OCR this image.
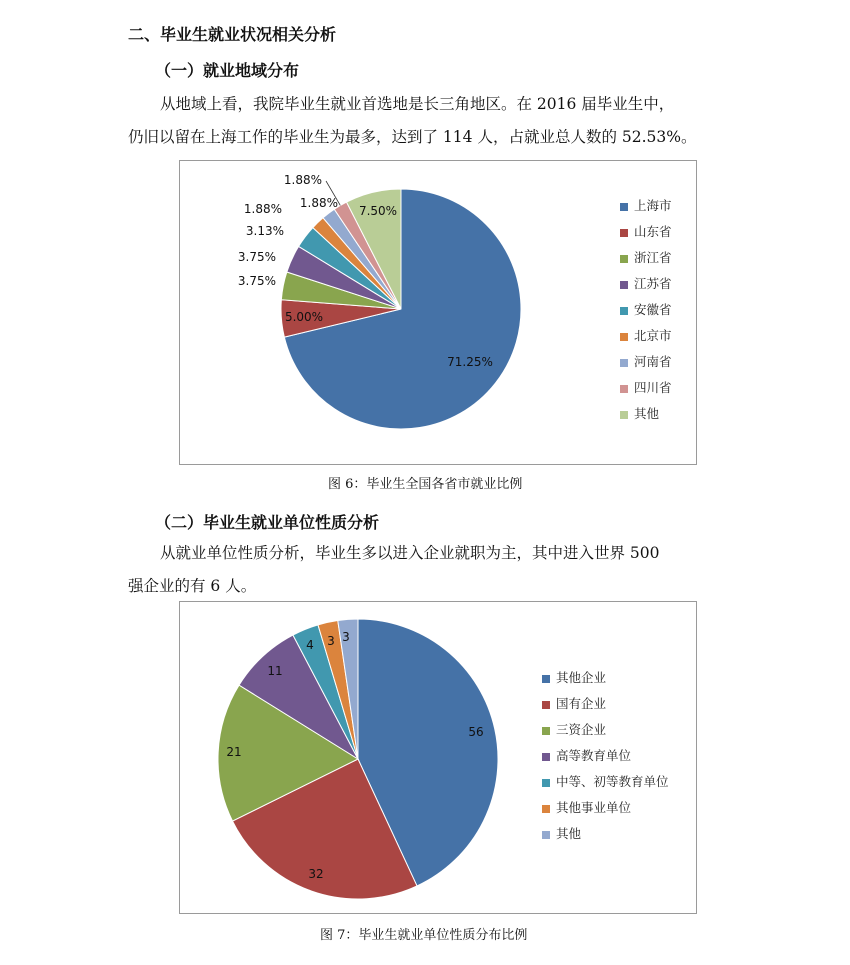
二、毕业生就业状况相关分析
（一）就业地域分布
从地域上看，我院毕业生就业首选地是长三角地区。在 2016 届毕业生中，
仍旧以留在上海工作的毕业生为最多，达到了 114 人，占就业总人数的 52.53%。
71.25%
5.00%
3.75%
3.75%
3.13%
1.88% 1.88%
1.88%
7.50%	上海市
山东省
浙江省
江苏省
安徽省
北京市
河南省
四川省
其他
图 6：毕业生全国各省市就业比例
（二）毕业生就业单位性质分析
从就业单位性质分析，毕业生多以进入企业就职为主，其中进入世界 500
强企业的有 6 人。
56
32
21
11
4 3 3
其他企业
国有企业
三资企业
高等教育单位
中等、初等教育单位
其他事业单位
其他
图 7：毕业生就业单位性质分布比例
